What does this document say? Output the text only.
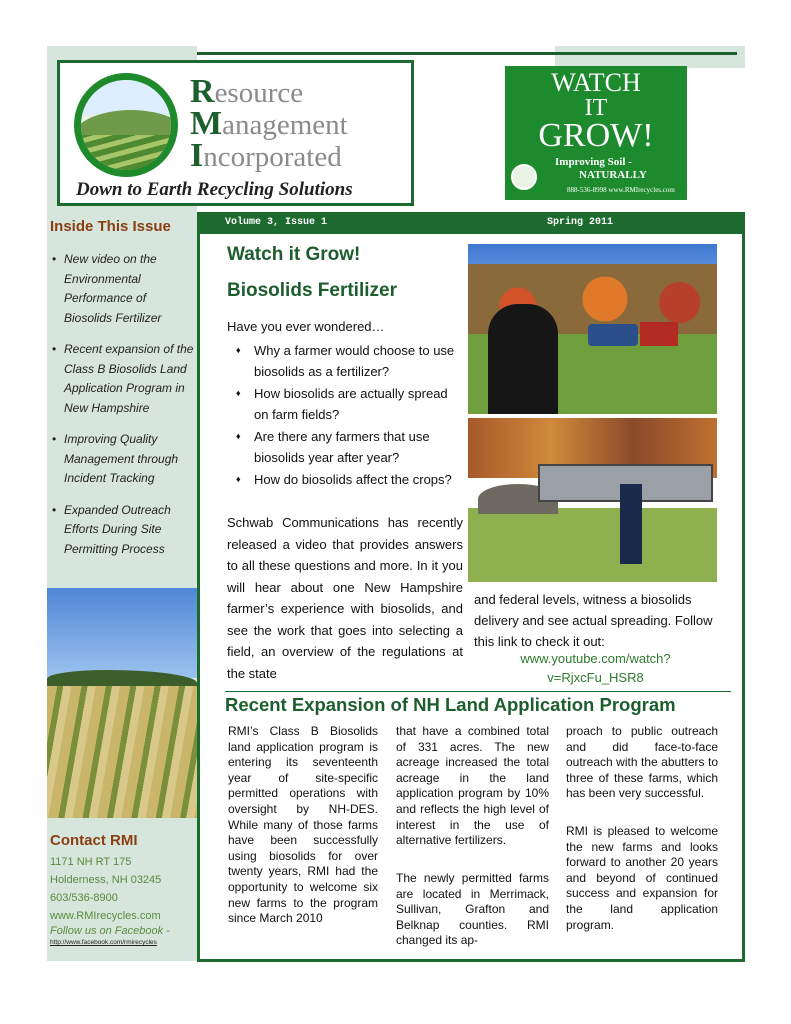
Resource
Management
Incorporated
Down to Earth Recycling Solutions
WATCH
IT
GROW!
Improving Soil -
NATURALLY
888-536-8998 www.RMIrecycles.com
Inside This Issue
• New video on the Environmental Performance of Biosolids Fertilizer
• Recent expansion of the Class B Biosolids Land Application Program in New Hampshire
• Improving Quality Management through Incident Tracking
• Expanded Outreach Efforts During Site Permitting Process
Contact RMI
1171 NH RT 175
Holderness, NH 03245
603/536-8900
www.RMIrecycles.com
Follow us on Facebook -
http://www.facebook.com/rmirecycles
Volume 3, Issue 1	Spring 2011
Watch it Grow!
Biosolids Fertilizer
Have you ever wondered…
♦ Why a farmer would choose to use biosolids as a fertilizer?
♦ How biosolids are actually spread on farm fields?
♦ Are there any farmers that use biosolids year after year?
♦ How do biosolids affect the crops?
Schwab Communications has recently released a video that provides answers to all these questions and more. In it you will hear about one New Hampshire farmer’s experience with biosolids, and see the work that goes into selecting a field, an overview of the regulations at the state
and federal levels, witness a biosolids delivery and see actual spreading. Follow this link to check it out:
www.youtube.com/watch?
v=RjxcFu_HSR8
Recent Expansion of NH Land Application Program
RMI’s Class B Biosolids land application program is entering its seventeenth year of site-specific permitted operations with oversight by NH-DES. While many of those farms have been successfully using biosolids for over twenty years, RMI had the opportunity to welcome six new farms to the program since March 2010
that have a combined total of 331 acres. The new acreage increased the total acreage in the land application program by 10% and reflects the high level of interest in the use of alternative fertilizers.
The newly permitted farms are located in Merrimack, Sullivan, Grafton and Belknap counties. RMI changed its ap-
proach to public outreach and did face-to-face outreach with the abutters to three of these farms, which has been very successful.
RMI is pleased to welcome the new farms and looks forward to another 20 years and beyond of continued success and expansion for the land application program.
